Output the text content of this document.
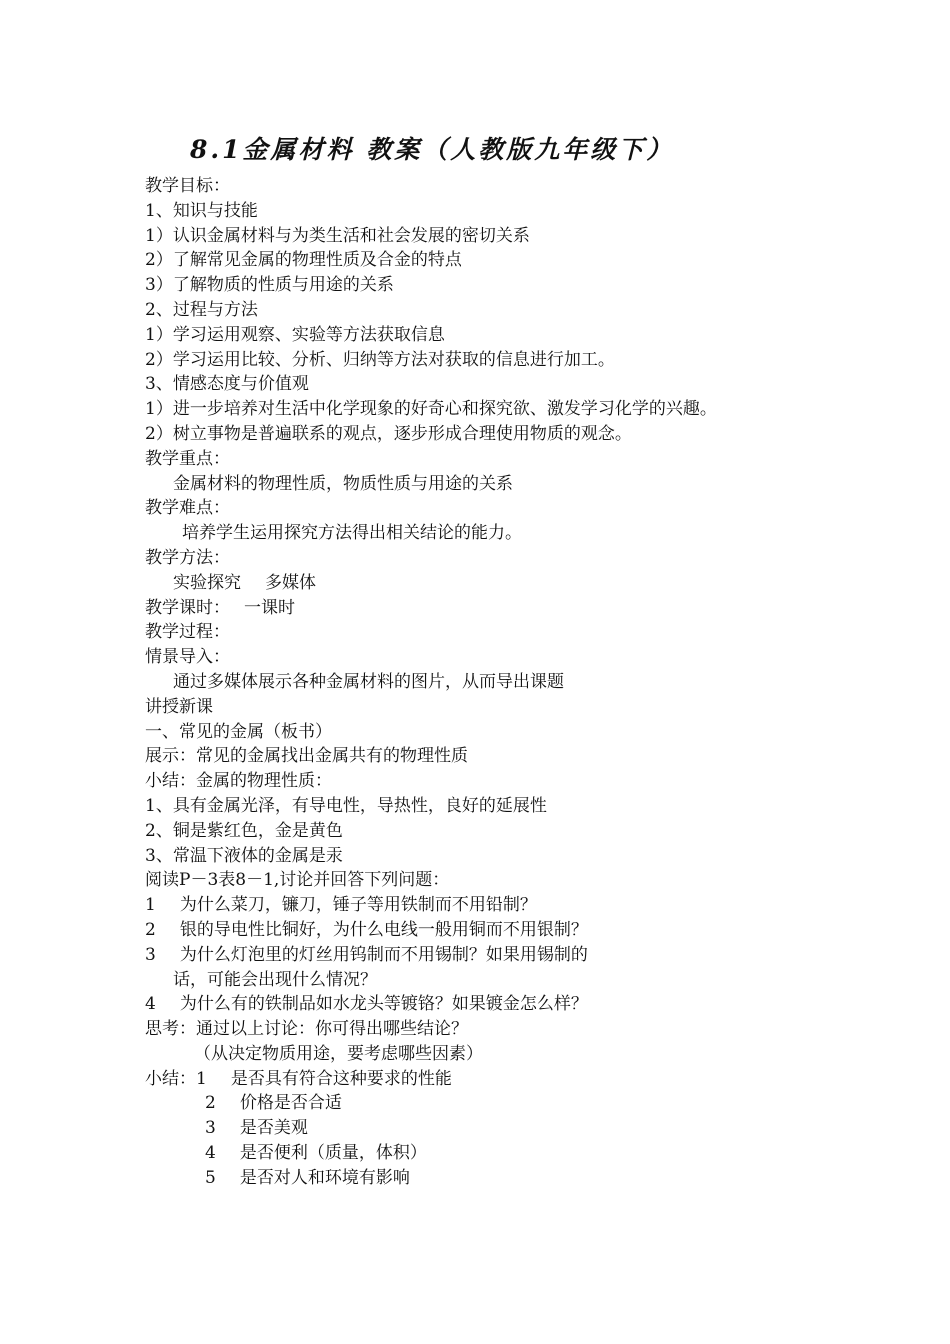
8.1金属材料 教案（人教版九年级下）
教学目标：
1、知识与技能
1）认识金属材料与为类生活和社会发展的密切关系
2）了解常见金属的物理性质及合金的特点
3）了解物质的性质与用途的关系
2、过程与方法
1）学习运用观察、实验等方法获取信息
2）学习运用比较、分析、归纳等方法对获取的信息进行加工。
3、情感态度与价值观
1）进一步培养对生活中化学现象的好奇心和探究欲、激发学习化学的兴趣。
2）树立事物是普遍联系的观点，逐步形成合理使用物质的观念。
教学重点：
金属材料的物理性质，物质性质与用途的关系
教学难点：
培养学生运用探究方法得出相关结论的能力。
教学方法：
实验探究 多媒体
教学课时： 一课时
教学过程：
情景导入：
通过多媒体展示各种金属材料的图片，从而导出课题
讲授新课
一、常见的金属（板书）
展示：常见的金属找出金属共有的物理性质
小结：金属的物理性质：
1、具有金属光泽，有导电性，导热性，良好的延展性
2、铜是紫红色，金是黄色
3、常温下液体的金属是汞
阅读P－3表8－1,讨论并回答下列问题：
1 为什么菜刀，镰刀，锤子等用铁制而不用铅制？
2 银的导电性比铜好，为什么电线一般用铜而不用银制？
3 为什么灯泡里的灯丝用钨制而不用锡制？如果用锡制的
话，可能会出现什么情况？
4 为什么有的铁制品如水龙头等镀铬？如果镀金怎么样？
思考：通过以上讨论：你可得出哪些结论？
（从决定物质用途，要考虑哪些因素）
小结：1 是否具有符合这种要求的性能
2 价格是否合适
3 是否美观
4 是否便利（质量，体积）
5 是否对人和环境有影响
